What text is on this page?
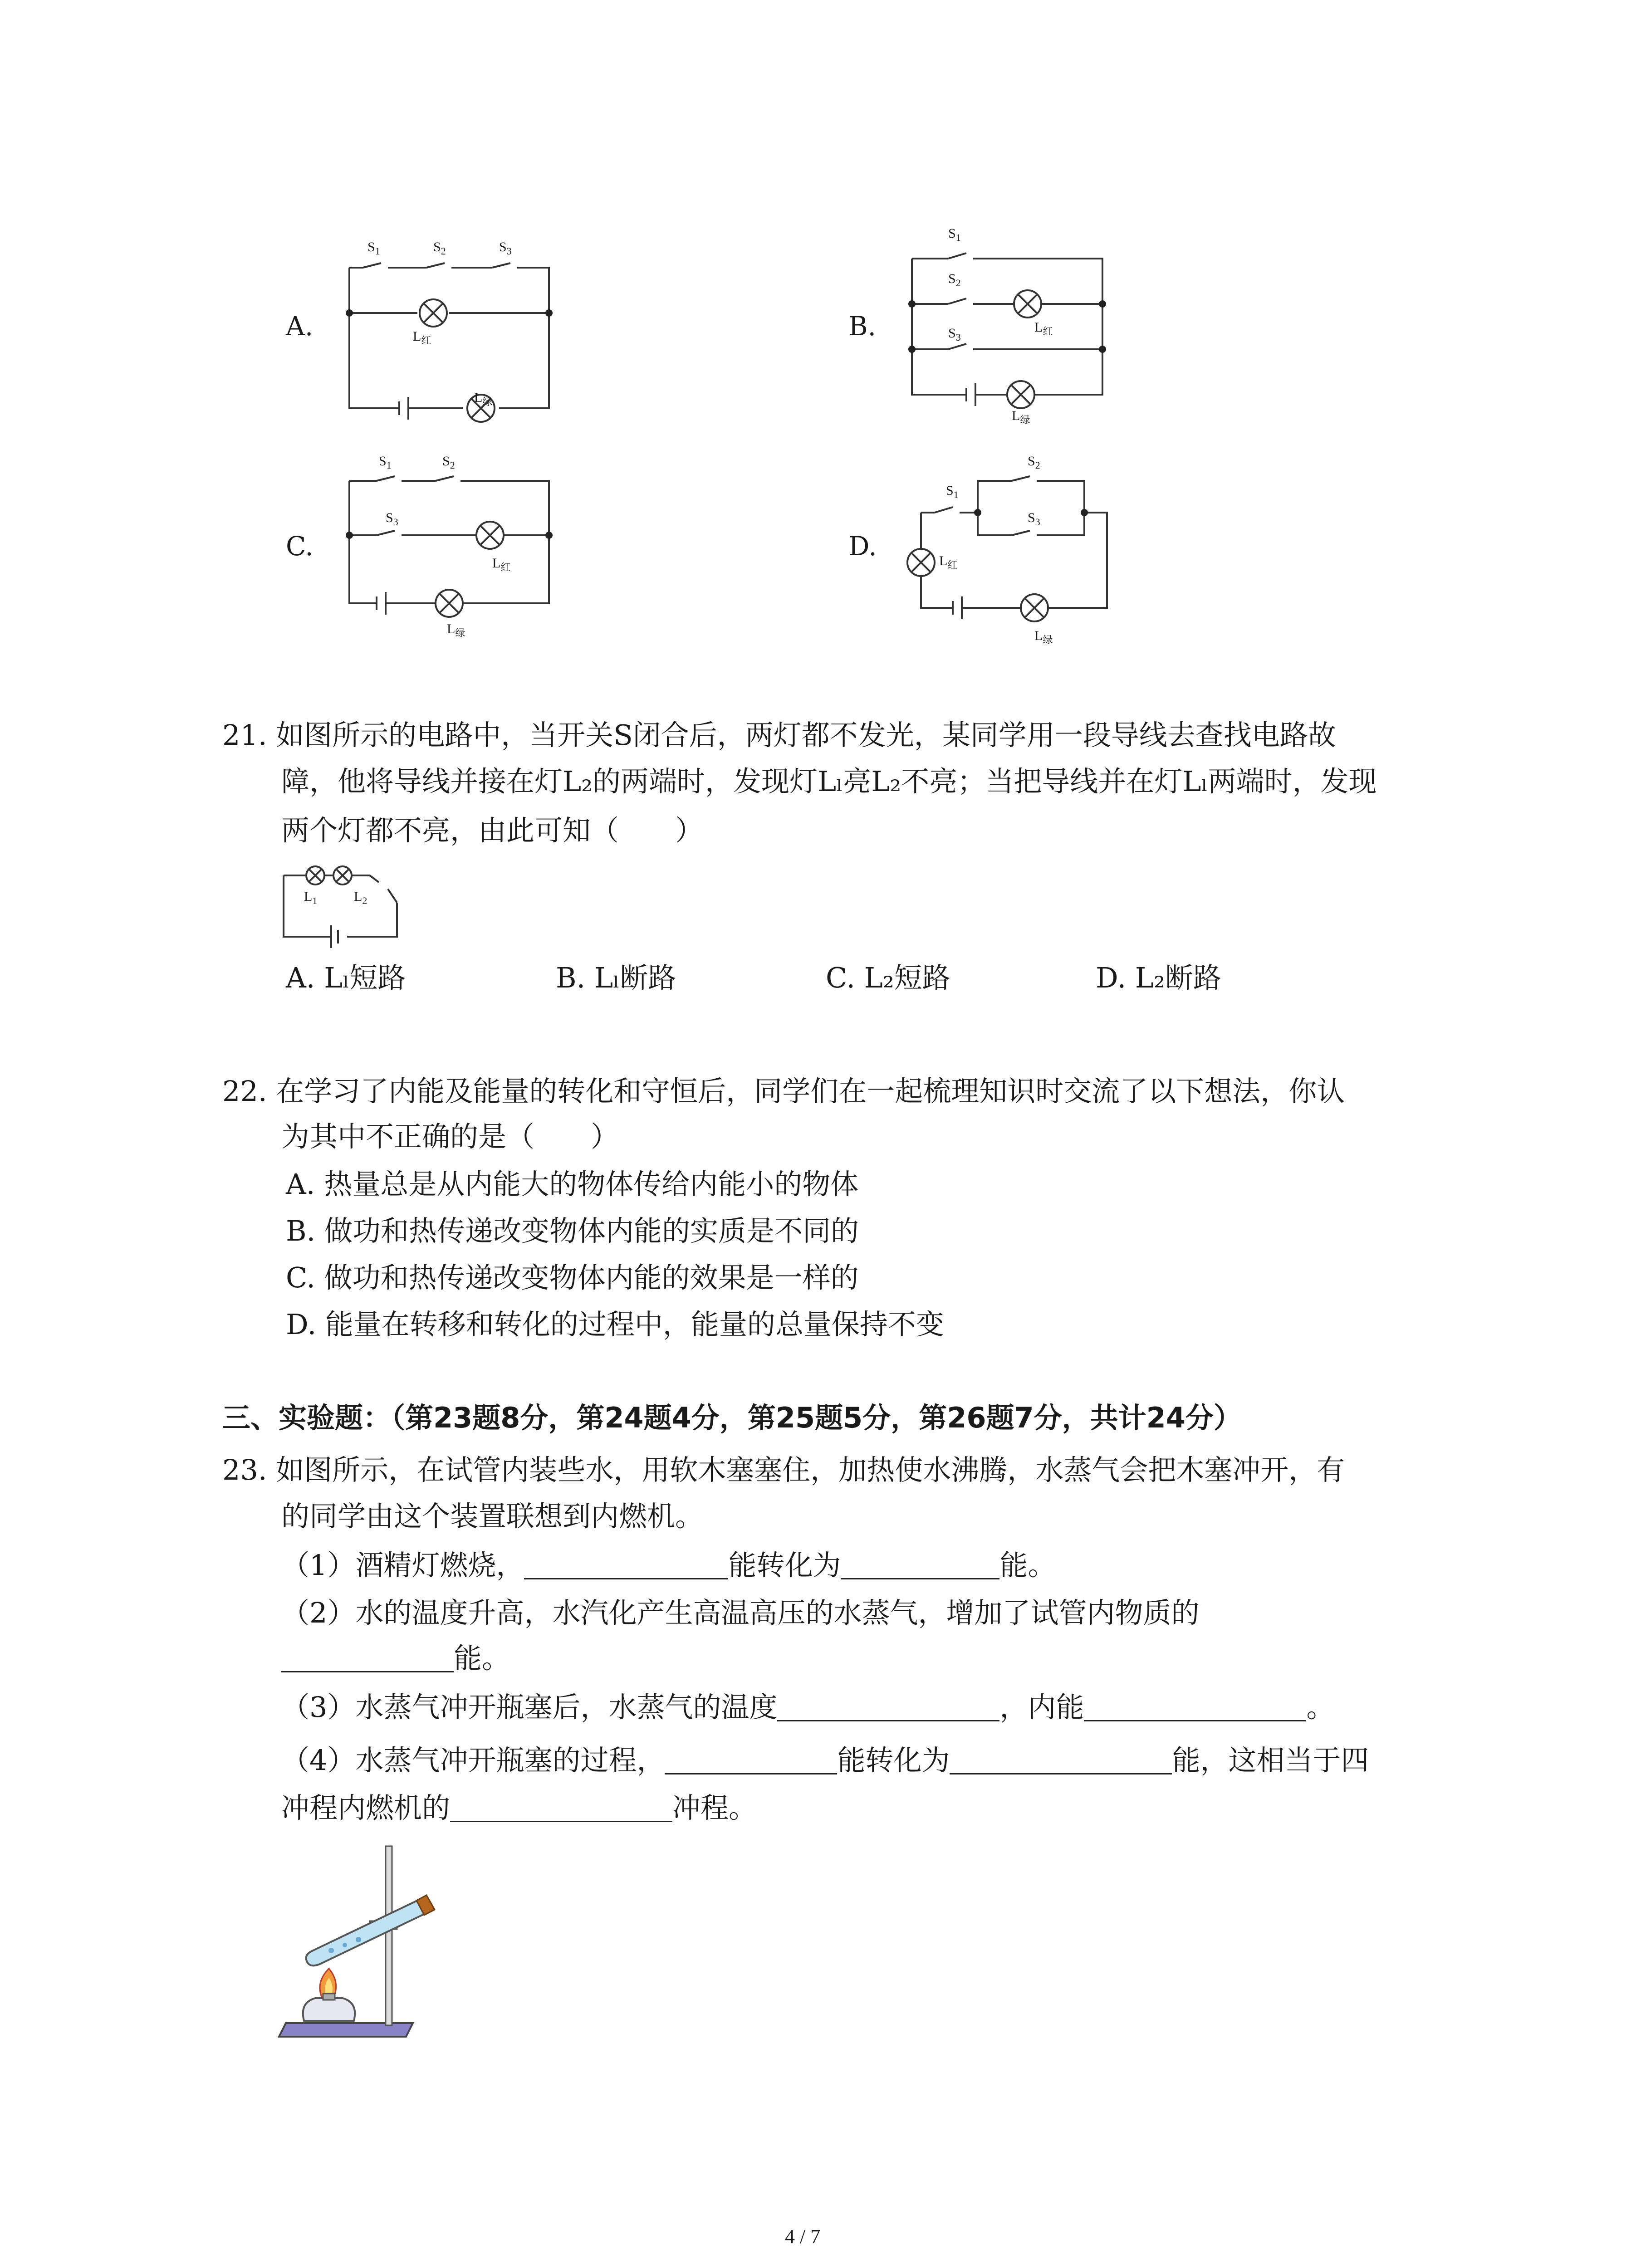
A.
$S_1$	$S_2$	$S_3$
$L_红$
$L_绿$
B.
$S_1$
$S_2$
$S_3$
$L_红$
$L_绿$
C.
$S_1$	$S_2$
$S_3$
$L_红$
$L_绿$
D.
$S_1$
$S_2$
$S_3$
$L_红$
$L_绿$
21. 如图所示的电路中，当开关S闭合后，两灯都不发光，某同学用一段导线去查找电路故
障，他将导线并接在灯L₂的两端时，发现灯Lₗ亮L₂不亮；当把导线并在灯Lₗ两端时，发现
两个灯都不亮，由此可知（　　）
$L_1$	$L_2$
A. Lₗ短路	B. Lₗ断路	C. L₂短路	D. L₂断路
22. 在学习了内能及能量的转化和守恒后，同学们在一起梳理知识时交流了以下想法，你认
为其中不正确的是（　　）
A. 热量总是从内能大的物体传给内能小的物体
B. 做功和热传递改变物体内能的实质是不同的
C. 做功和热传递改变物体内能的效果是一样的
D. 能量在转移和转化的过程中，能量的总量保持不变
三、实验题：（第23题8分，第24题4分，第25题5分，第26题7分，共计24分）
23. 如图所示，在试管内装些水，用软木塞塞住，加热使水沸腾，水蒸气会把木塞冲开，有
的同学由这个装置联想到内燃机。
（1）酒精灯燃烧，	能转化为	能。
（2）水的温度升高，水汽化产生高温高压的水蒸气，增加了试管内物质的
能。
（3）水蒸气冲开瓶塞后，水蒸气的温度	，内能	。
（4）水蒸气冲开瓶塞的过程，	能转化为	能，这相当于四
冲程内燃机的	冲程。
4 / 7
